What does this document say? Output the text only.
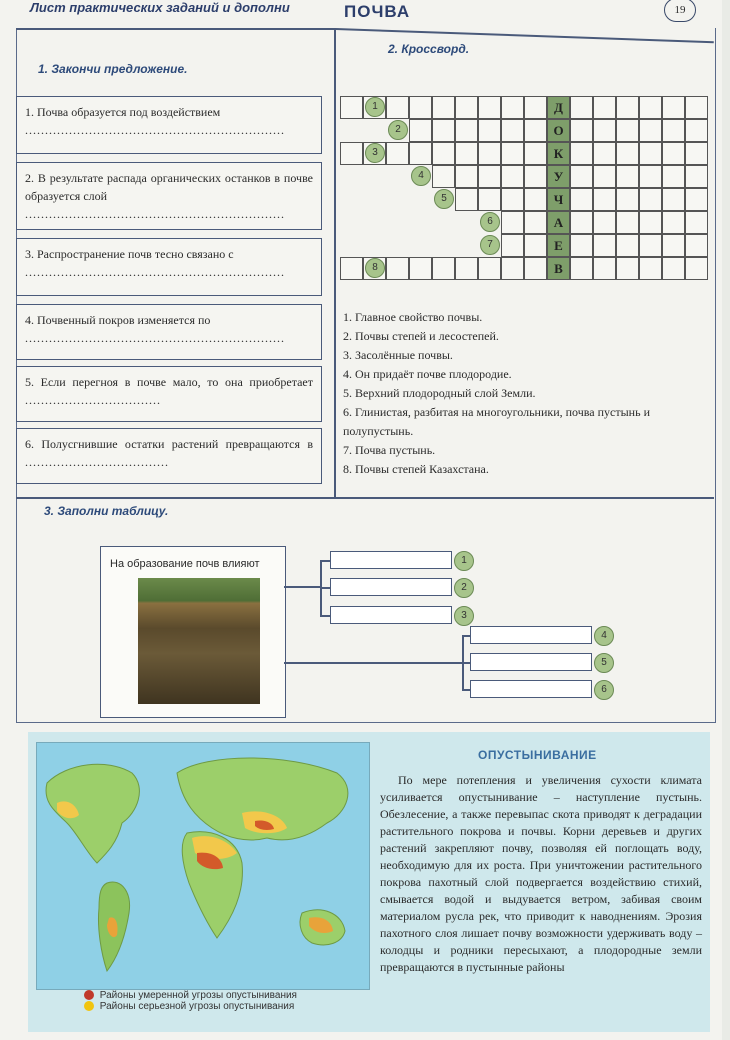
Лист практических заданий и дополни	ПОЧВА	19
1. Закончи предложение.
1. Почва образуется под воздействием
.................................................................
2. В результате распада органических останков в почве образуется слой
.................................................................
3. Распространение почв тесно связано с
.................................................................
4. Почвенный покров изменяется по
.................................................................
5. Если перегноя в почве мало, то она приобретает ..................................
6. Полусгнившие остатки растений превращаются в ....................................
2. Кроссворд.
Д
1
О
2
К
3
У
4
Ч
5
А
6
Е
7
В
8
1. Главное свойство почвы.
2. Почвы степей и лесостепей.
3. Засолённые почвы.
4. Он придаёт почве плодородие.
5. Верхний плодородный слой Земли.
6. Глинистая, разбитая на многоугольники, почва пустынь и полупустынь.
7. Почва пустынь.
8. Почвы степей Казахстана.
3. Заполни таблицу.
На образование почв влияют	1
2
3
4
5
6
Районы умеренной угрозы опустынивания
Районы серьезной угрозы опустынивания
ОПУСТЫНИВАНИЕ
По мере потепления и увеличения сухости климата усиливается опустынивание – наступление пустынь. Обезлесение, а также перевыпас скота приводят к деградации растительного покрова и почвы. Корни деревьев и других растений закрепляют почву, позволяя ей поглощать воду, необходимую для их роста. При уничтожении растительного покрова пахотный слой подвергается воздействию стихий, смывается водой и выдувается ветром, забивая своим материалом русла рек, что приводит к наводнениям. Эрозия пахотного слоя лишает почву возможности удерживать воду – колодцы и родники пересыхают, а плодородные земли превращаются в пустынные районы
